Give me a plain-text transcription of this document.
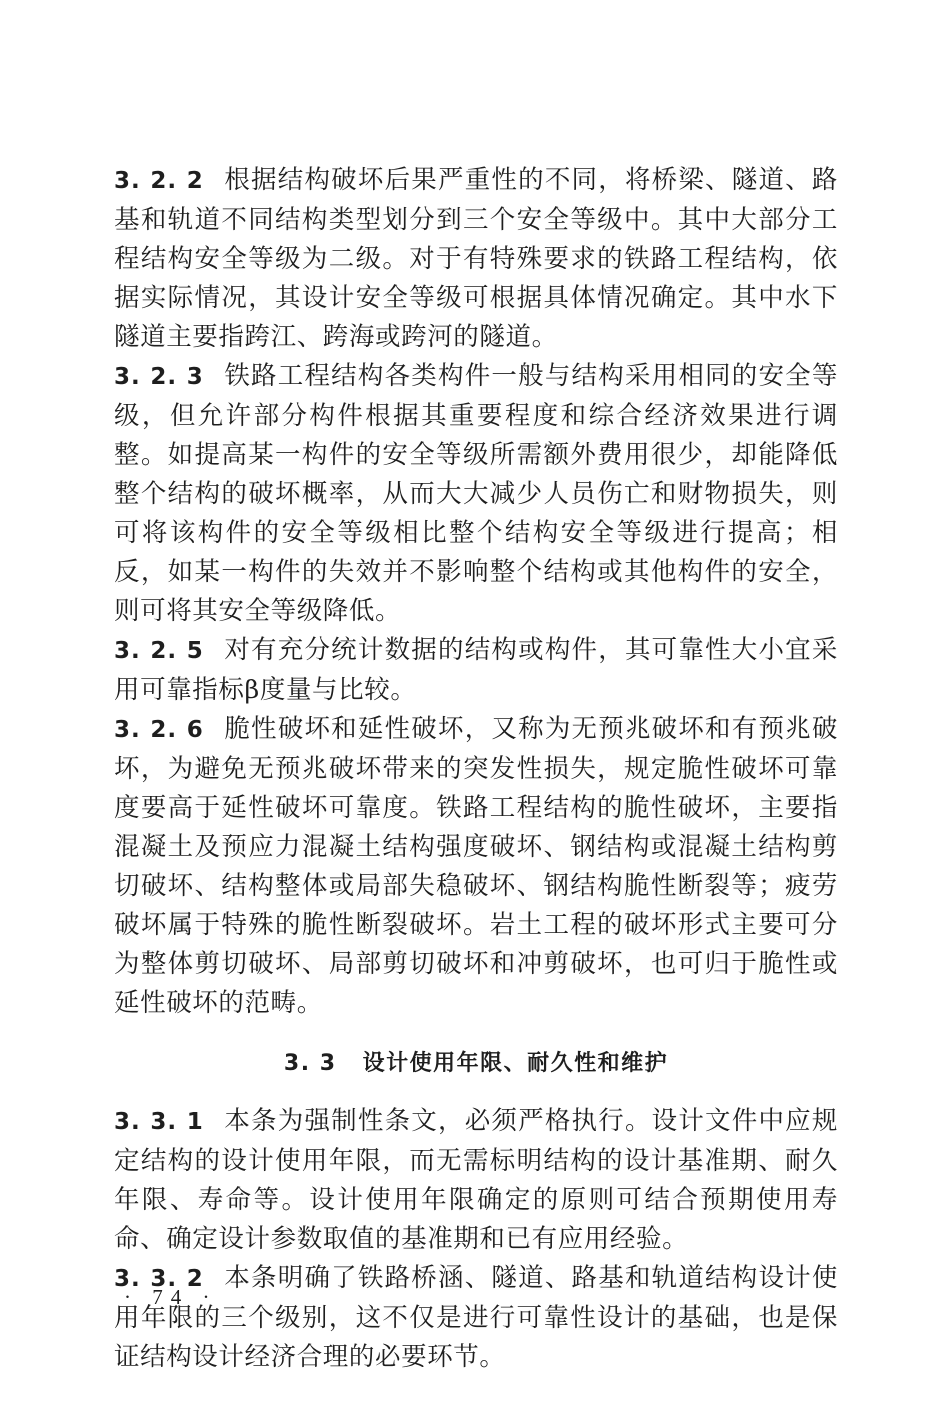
3. 2. 2 根据结构破坏后果严重性的不同，将桥梁、隧道、路基和轨道不同结构类型划分到三个安全等级中。其中大部分工程结构安全等级为二级。对于有特殊要求的铁路工程结构，依据实际情况，其设计安全等级可根据具体情况确定。其中水下隧道主要指跨江、跨海或跨河的隧道。

3. 2. 3 铁路工程结构各类构件一般与结构采用相同的安全等级，但允许部分构件根据其重要程度和综合经济效果进行调整。如提高某一构件的安全等级所需额外费用很少，却能降低整个结构的破坏概率，从而大大减少人员伤亡和财物损失，则可将该构件的安全等级相比整个结构安全等级进行提高；相反，如某一构件的失效并不影响整个结构或其他构件的安全，则可将其安全等级降低。

3. 2. 5 对有充分统计数据的结构或构件，其可靠性大小宜采用可靠指标β度量与比较。

3. 2. 6 脆性破坏和延性破坏，又称为无预兆破坏和有预兆破坏，为避免无预兆破坏带来的突发性损失，规定脆性破坏可靠度要高于延性破坏可靠度。铁路工程结构的脆性破坏，主要指混凝土及预应力混凝土结构强度破坏、钢结构或混凝土结构剪切破坏、结构整体或局部失稳破坏、钢结构脆性断裂等；疲劳破坏属于特殊的脆性断裂破坏。岩土工程的破坏形式主要可分为整体剪切破坏、局部剪切破坏和冲剪破坏，也可归于脆性或延性破坏的范畴。

3. 3 设计使用年限、耐久性和维护

3. 3. 1 本条为强制性条文，必须严格执行。设计文件中应规定结构的设计使用年限，而无需标明结构的设计基准期、耐久年限、寿命等。设计使用年限确定的原则可结合预期使用寿命、确定设计参数取值的基准期和已有应用经验。

3. 3. 2 本条明确了铁路桥涵、隧道、路基和轨道结构设计使用年限的三个级别，这不仅是进行可靠性设计的基础，也是保证结构设计经济合理的必要环节。

· 74 ·
